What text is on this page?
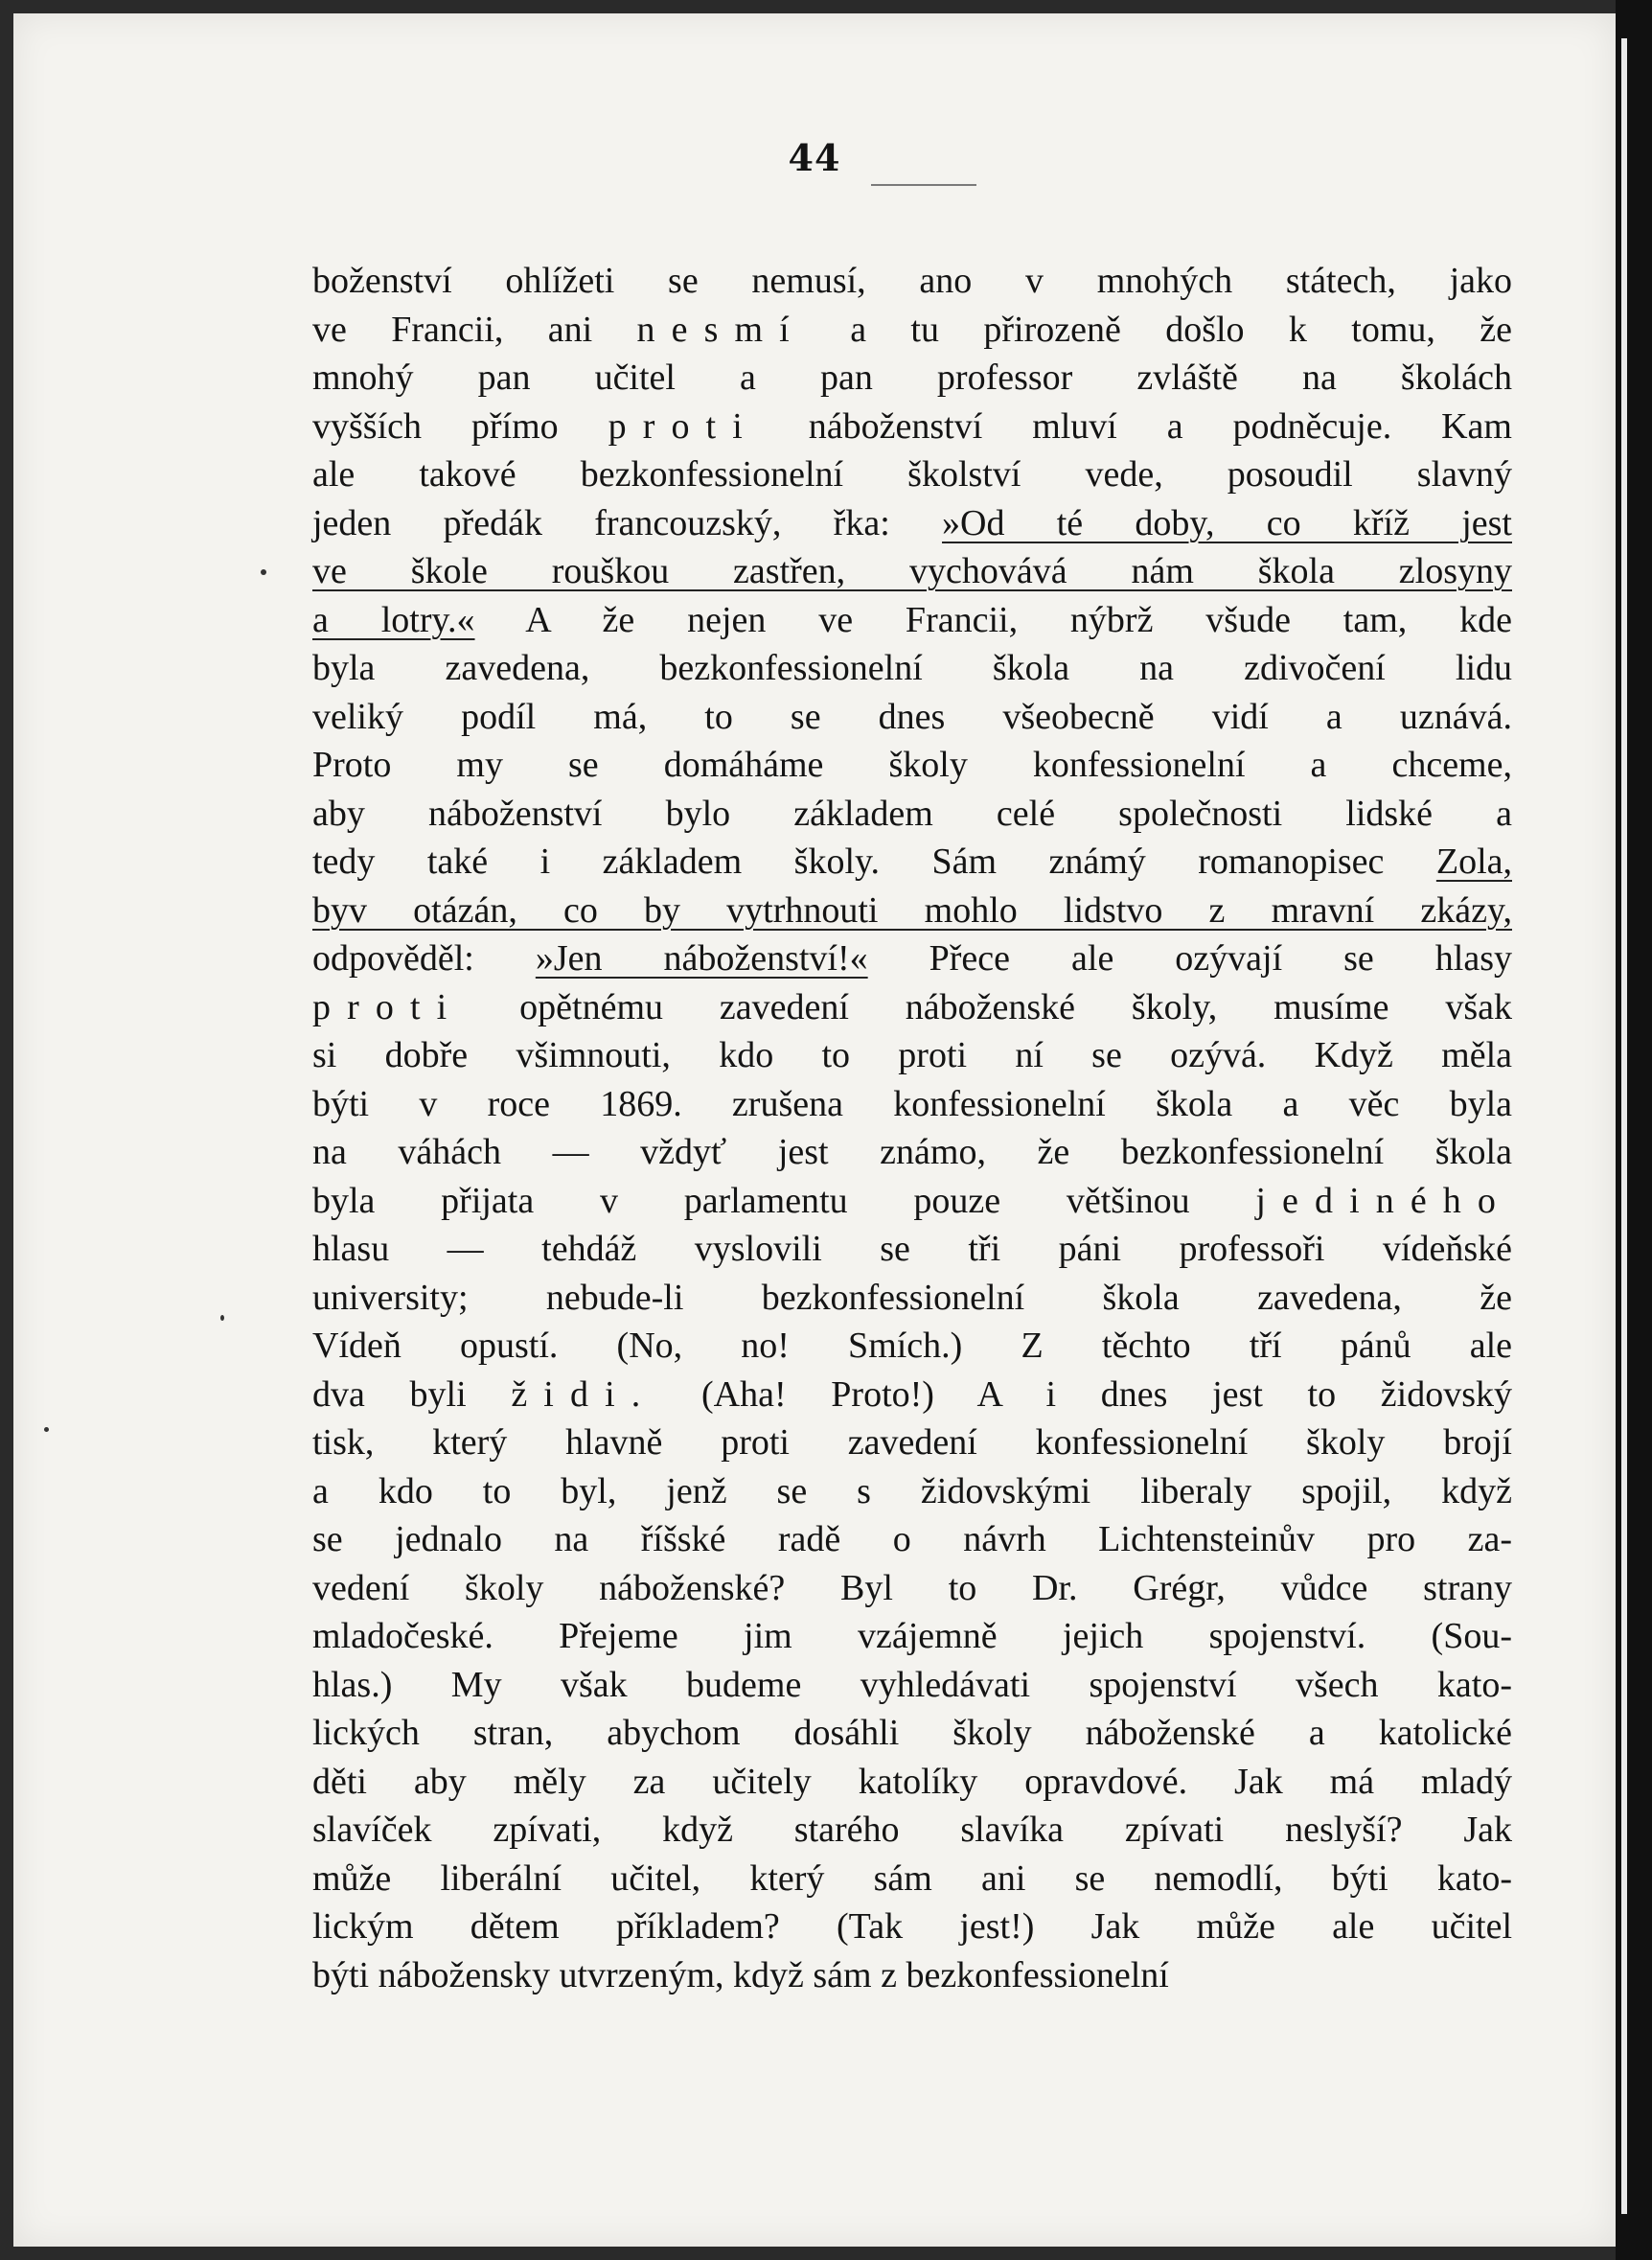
44
boženství ohlížeti se nemusí, ano v mnohých státech, jako
ve Francii, ani nesmí a tu přirozeně došlo k tomu, že
mnohý pan učitel a pan professor zvláště na školách
vyšších přímo proti náboženství mluví a podněcuje. Kam
ale takové bezkonfessionelní školství vede, posoudil slavný
jeden předák francouzský, řka: »Od té doby, co kříž jest
ve škole rouškou zastřen, vychovává nám škola zlosyny
a lotry.« A že nejen ve Francii, nýbrž všude tam, kde
byla zavedena, bezkonfessionelní škola na zdivočení lidu
veliký podíl má, to se dnes všeobecně vidí a uznává.
Proto my se domáháme školy konfessionelní a chceme,
aby náboženství bylo základem celé společnosti lidské a
tedy také i základem školy. Sám známý romanopisec Zola,
byv otázán, co by vytrhnouti mohlo lidstvo z mravní zkázy,
odpověděl: »Jen náboženství!« Přece ale ozývají se hlasy
proti opětnému zavedení náboženské školy, musíme však
si dobře všimnouti, kdo to proti ní se ozývá. Když měla
býti v roce 1869. zrušena konfessionelní škola a věc byla
na váhách — vždyť jest známo, že bezkonfessionelní škola
byla přijata v parlamentu pouze většinou jediného
hlasu — tehdáž vyslovili se tři páni professoři vídeňské
university; nebude-li bezkonfessionelní škola zavedena, že
Vídeň opustí. (No, no! Smích.) Z těchto tří pánů ale
dva byli židi. (Aha! Proto!) A i dnes jest to židovský
tisk, který hlavně proti zavedení konfessionelní školy brojí
a kdo to byl, jenž se s židovskými liberaly spojil, když
se jednalo na říšské radě o návrh Lichtensteinův pro za-
vedení školy náboženské? Byl to Dr. Grégr, vůdce strany
mladočeské. Přejeme jim vzájemně jejich spojenství. (Sou-
hlas.) My však budeme vyhledávati spojenství všech kato-
lických stran, abychom dosáhli školy náboženské a katolické
děti aby měly za učitely katolíky opravdové. Jak má mladý
slavíček zpívati, když starého slavíka zpívati neslyší? Jak
může liberální učitel, který sám ani se nemodlí, býti kato-
lickým dětem příkladem? (Tak jest!) Jak může ale učitel
býti nábožensky utvrzeným, když sám z bezkonfessionelní
